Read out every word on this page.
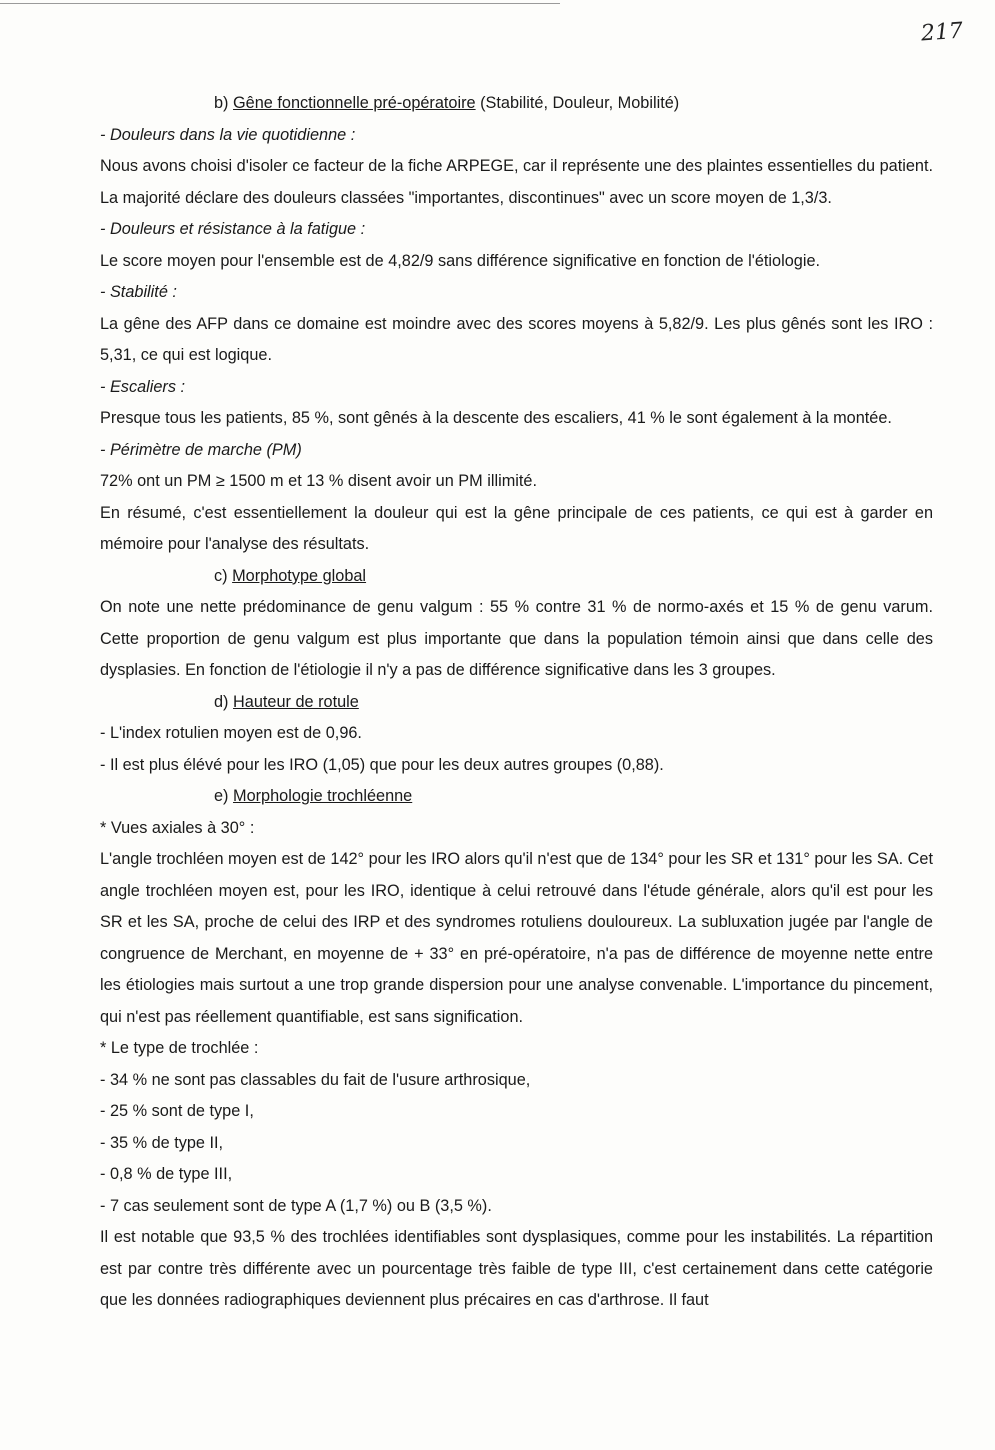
217

b) Gêne fonctionnelle pré-opératoire (Stabilité, Douleur, Mobilité)

- Douleurs dans la vie quotidienne :

Nous avons choisi d'isoler ce facteur de la fiche ARPEGE, car il représente une des plaintes essentielles du patient. La majorité déclare des douleurs classées "importantes, discontinues" avec un score moyen de 1,3/3.

- Douleurs et résistance à la fatigue :

Le score moyen pour l'ensemble est de 4,82/9 sans différence significative en fonction de l'étiologie.

- Stabilité :

La gêne des AFP dans ce domaine est moindre avec des scores moyens à 5,82/9. Les plus gênés sont les IRO : 5,31, ce qui est logique.

- Escaliers :

Presque tous les patients, 85 %, sont gênés à la descente des escaliers, 41 % le sont également à la montée.

- Périmètre de marche (PM)

72% ont un PM ≥ 1500 m et 13 % disent avoir un PM illimité.

En résumé, c'est essentiellement la douleur qui est la gêne principale de ces patients, ce qui est à garder en mémoire pour l'analyse des résultats.

c) Morphotype global

On note une nette prédominance de genu valgum : 55 % contre 31 % de normo-axés et 15 % de genu varum. Cette proportion de genu valgum est plus importante que dans la population témoin ainsi que dans celle des dysplasies. En fonction de l'étiologie il n'y a pas de différence significative dans les 3 groupes.

d) Hauteur de rotule

- L'index rotulien moyen est de 0,96.

- Il est plus élévé pour les IRO (1,05) que pour les deux autres groupes (0,88).

e) Morphologie trochléenne

* Vues axiales à 30° :

L'angle trochléen moyen est de 142° pour les IRO alors qu'il n'est que de 134° pour les SR et 131° pour les SA. Cet angle trochléen moyen est, pour les IRO, identique à celui retrouvé dans l'étude générale, alors qu'il est pour les SR et les SA, proche de celui des IRP et des syndromes rotuliens douloureux. La subluxation jugée par l'angle de congruence de Merchant, en moyenne de + 33° en pré-opératoire, n'a pas de différence de moyenne nette entre les étiologies mais surtout a une trop grande dispersion pour une analyse convenable. L'importance du pincement, qui n'est pas réellement quantifiable, est sans signification.

* Le type de trochlée :

- 34 % ne sont pas classables du fait de l'usure arthrosique,

- 25 % sont de type I,

- 35 % de type II,

- 0,8 % de type III,

- 7 cas seulement sont de type A (1,7 %) ou B (3,5 %).

Il est notable que 93,5 % des trochlées identifiables sont dysplasiques, comme pour les instabilités. La répartition est par contre très différente avec un pourcentage très faible de type III, c'est certainement dans cette catégorie que les données radiographiques deviennent plus précaires en cas d'arthrose. Il faut
